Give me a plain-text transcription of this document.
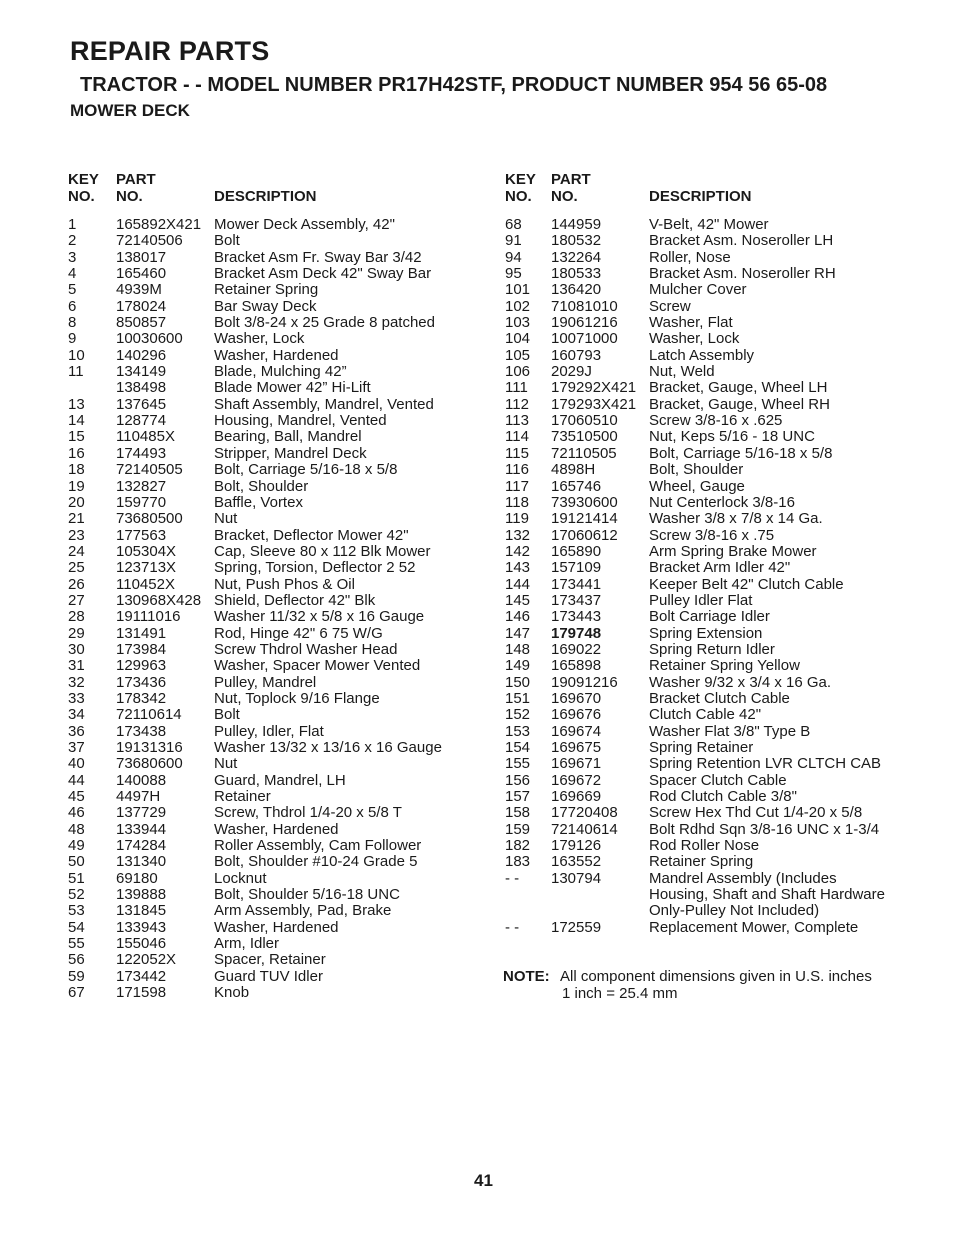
REPAIR PARTS
TRACTOR - - MODEL NUMBER PR17H42STF, PRODUCT NUMBER 954 56 65-08
MOWER DECK
KEY
NO.
PART
NO.	DESCRIPTION
1	165892X421 Mower Deck Assembly, 42"
2	72140506 Bolt
3	138017	Bracket Asm Fr. Sway Bar 3/42
4	165460	Bracket Asm Deck 42" Sway Bar
5	4939M	Retainer Spring
6	178024	Bar Sway Deck
8	850857	Bolt 3/8-24 x 25 Grade 8 patched
9	10030600 Washer, Lock
10 140296	Washer, Hardened
11 134149	Blade, Mulching 42”
138498	Blade Mower 42” Hi-Lift
13 137645	Shaft Assembly, Mandrel, Vented
14 128774	Housing, Mandrel, Vented
15 110485X	Bearing, Ball, Mandrel
16 174493	Stripper, Mandrel Deck
18 72140505 Bolt, Carriage 5/16-18 x 5/8
19 132827	Bolt, Shoulder
20 159770	Baffle, Vortex
21 73680500 Nut
23 177563	Bracket, Deflector Mower 42"
24 105304X	Cap, Sleeve 80 x 112 Blk Mower
25 123713X	Spring, Torsion, Deflector 2 52
26 110452X	Nut, Push Phos & Oil
27 130968X428 Shield, Deflector 42" Blk
28 19111016 Washer 11/32 x 5/8 x 16 Gauge
29 131491	Rod, Hinge 42" 6 75 W/G
30 173984	Screw Thdrol Washer Head
31 129963	Washer, Spacer Mower Vented
32 173436	Pulley, Mandrel
33 178342	Nut, Toplock 9/16 Flange
34 72110614 Bolt
36 173438	Pulley, Idler, Flat
37 19131316 Washer 13/32 x 13/16 x 16 Gauge
40 73680600 Nut
44 140088	Guard, Mandrel, LH
45 4497H	Retainer
46 137729	Screw, Thdrol 1/4-20 x 5/8 T
48 133944	Washer, Hardened
49 174284	Roller Assembly, Cam Follower
50 131340	Bolt, Shoulder #10-24 Grade 5
51 69180	Locknut
52 139888	Bolt, Shoulder 5/16-18 UNC
53 131845	Arm Assembly, Pad, Brake
54 133943	Washer, Hardened
55 155046	Arm, Idler
56 122052X	Spacer, Retainer
59 173442	Guard TUV Idler
67 171598	Knob
KEY
NO.
PART
NO.	DESCRIPTION
68 144959	V-Belt, 42" Mower
91 180532	Bracket Asm. Noseroller LH
94 132264	Roller, Nose
95 180533	Bracket Asm. Noseroller RH
101 136420	Mulcher Cover
102 71081010 Screw
103 19061216 Washer, Flat
104 10071000 Washer, Lock
105 160793	Latch Assembly
106 2029J	Nut, Weld
111 179292X421 Bracket, Gauge, Wheel LH
112 179293X421 Bracket, Gauge, Wheel RH
113 17060510 Screw 3/8-16 x .625
114 73510500 Nut, Keps 5/16 - 18 UNC
115 72110505 Bolt, Carriage 5/16-18 x 5/8
116 4898H	Bolt, Shoulder
117 165746	Wheel, Gauge
118 73930600 Nut Centerlock 3/8-16
119 19121414 Washer 3/8 x 7/8 x 14 Ga.
132 17060612 Screw 3/8-16 x .75
142 165890	Arm Spring Brake Mower
143 157109	Bracket Arm Idler 42"
144 173441	Keeper Belt 42" Clutch Cable
145 173437	Pulley Idler Flat
146 173443	Bolt Carriage Idler
147 179748	Spring Extension
148 169022	Spring Return Idler
149 165898	Retainer Spring Yellow
150 19091216 Washer 9/32 x 3/4 x 16 Ga.
151 169670	Bracket Clutch Cable
152 169676	Clutch Cable 42"
153 169674	Washer Flat 3/8" Type B
154 169675	Spring Retainer
155 169671	Spring Retention LVR CLTCH CAB
156 169672	Spacer Clutch Cable
157 169669	Rod Clutch Cable 3/8"
158 17720408 Screw Hex Thd Cut 1/4-20 x 5/8
159 72140614 Bolt Rdhd Sqn 3/8-16 UNC x 1-3/4
182 179126	Rod Roller Nose
183 163552	Retainer Spring
- - 130794	Mandrel Assembly (Includes
Housing, Shaft and Shaft Hardware
Only-Pulley Not Included)
- - 172559	Replacement Mower, Complete
NOTE: All component dimensions given in U.S. inches
1 inch = 25.4 mm
41
